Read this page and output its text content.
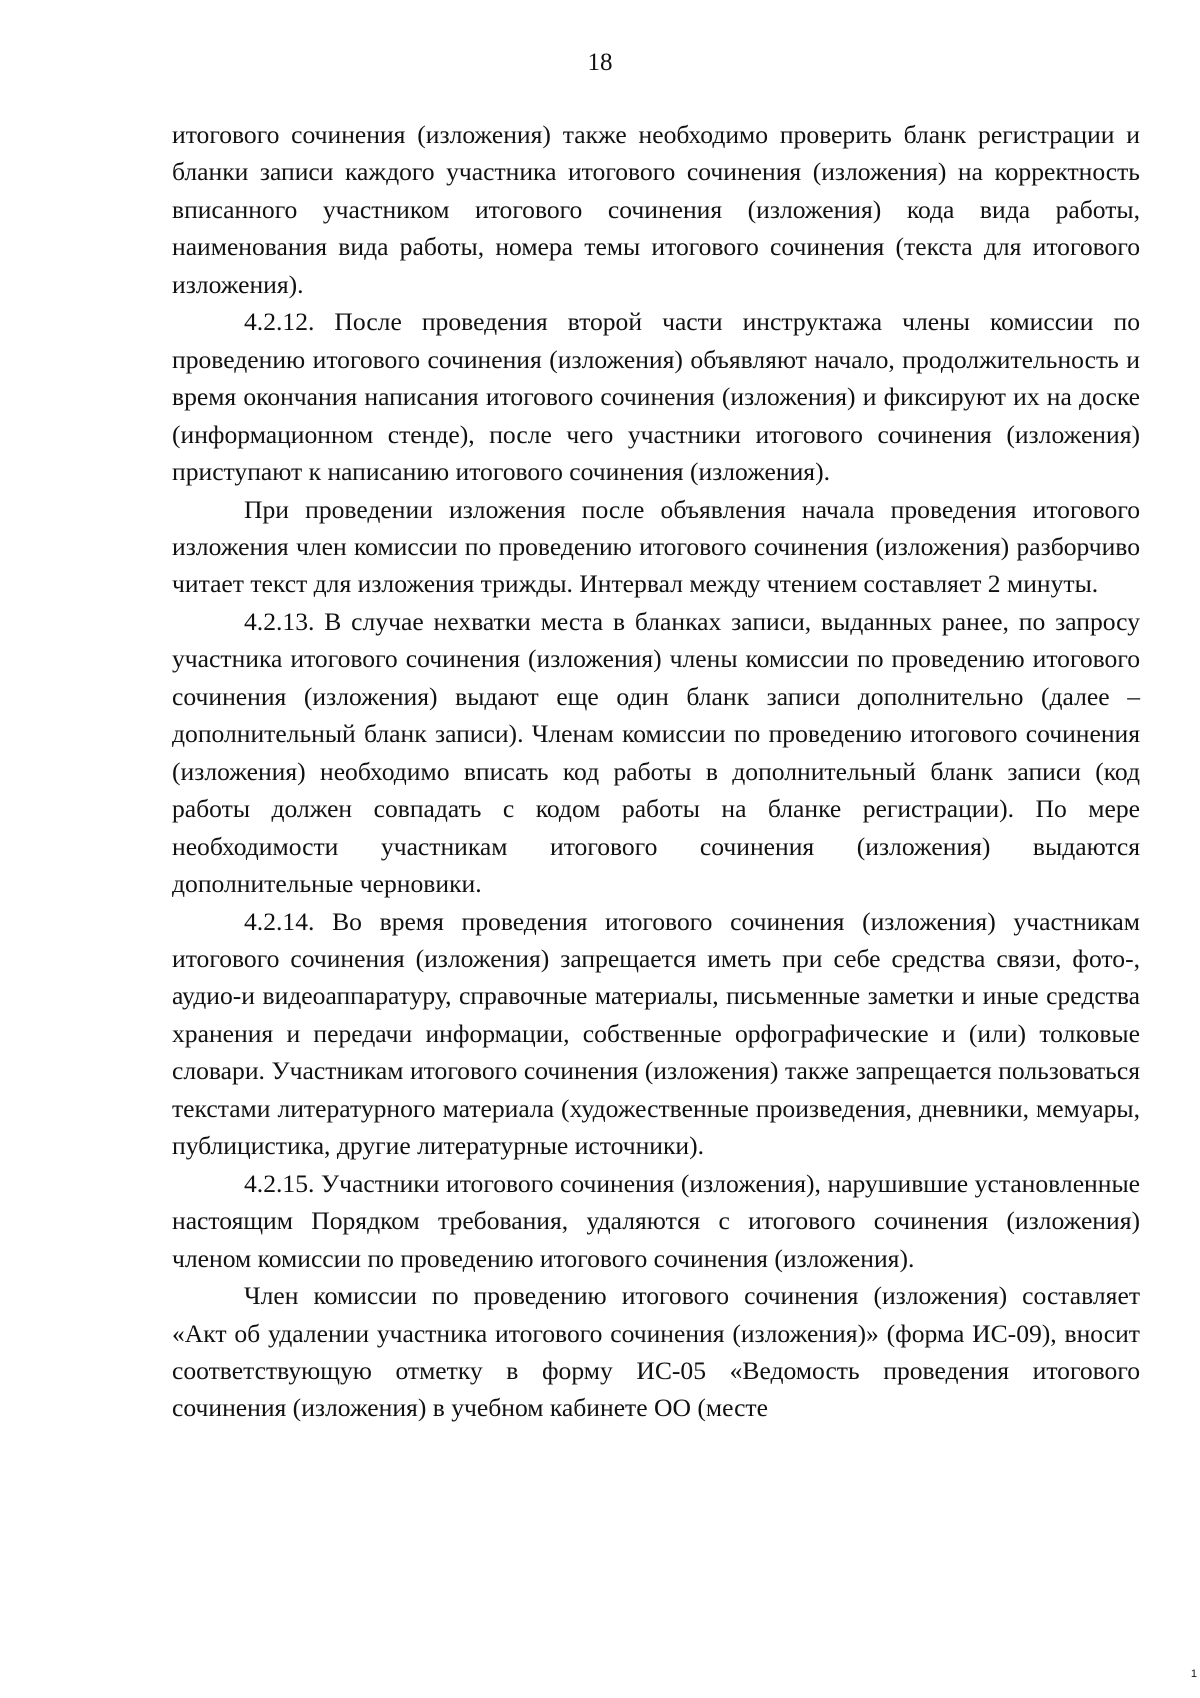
18

итогового сочинения (изложения) также необходимо проверить бланк регистрации и бланки записи каждого участника итогового сочинения (изложения) на корректность вписанного участником итогового сочинения (изложения) кода вида работы, наименования вида работы, номера темы итогового сочинения (текста для итогового изложения).

4.2.12. После проведения второй части инструктажа члены комиссии по проведению итогового сочинения (изложения) объявляют начало, продолжительность и время окончания написания итогового сочинения (изложения) и фиксируют их на доске (информационном стенде), после чего участники итогового сочинения (изложения) приступают к написанию итогового сочинения (изложения).

При проведении изложения после объявления начала проведения итогового изложения член комиссии по проведению итогового сочинения (изложения) разборчиво читает текст для изложения трижды. Интервал между чтением составляет 2 минуты.

4.2.13. В случае нехватки места в бланках записи, выданных ранее, по запросу участника итогового сочинения (изложения) члены комиссии по проведению итогового сочинения (изложения) выдают еще один бланк записи дополнительно (далее – дополнительный бланк записи). Членам комиссии по проведению итогового сочинения (изложения) необходимо вписать код работы в дополнительный бланк записи (код работы должен совпадать с кодом работы на бланке регистрации). По мере необходимости участникам итогового сочинения (изложения) выдаются дополнительные черновики.

4.2.14. Во время проведения итогового сочинения (изложения) участникам итогового сочинения (изложения) запрещается иметь при себе средства связи, фото-, аудио-и видеоаппаратуру, справочные материалы, письменные заметки и иные средства хранения и передачи информации, собственные орфографические и (или) толковые словари. Участникам итогового сочинения (изложения) также запрещается пользоваться текстами литературного материала (художественные произведения, дневники, мемуары, публицистика, другие литературные источники).

4.2.15. Участники итогового сочинения (изложения), нарушившие установленные настоящим Порядком требования, удаляются с итогового сочинения (изложения) членом комиссии по проведению итогового сочинения (изложения).

Член комиссии по проведению итогового сочинения (изложения) составляет «Акт об удалении участника итогового сочинения (изложения)» (форма ИС-09), вносит соответствующую отметку в форму ИС-05 «Ведомость проведения итогового сочинения (изложения) в учебном кабинете ОО (месте

1
